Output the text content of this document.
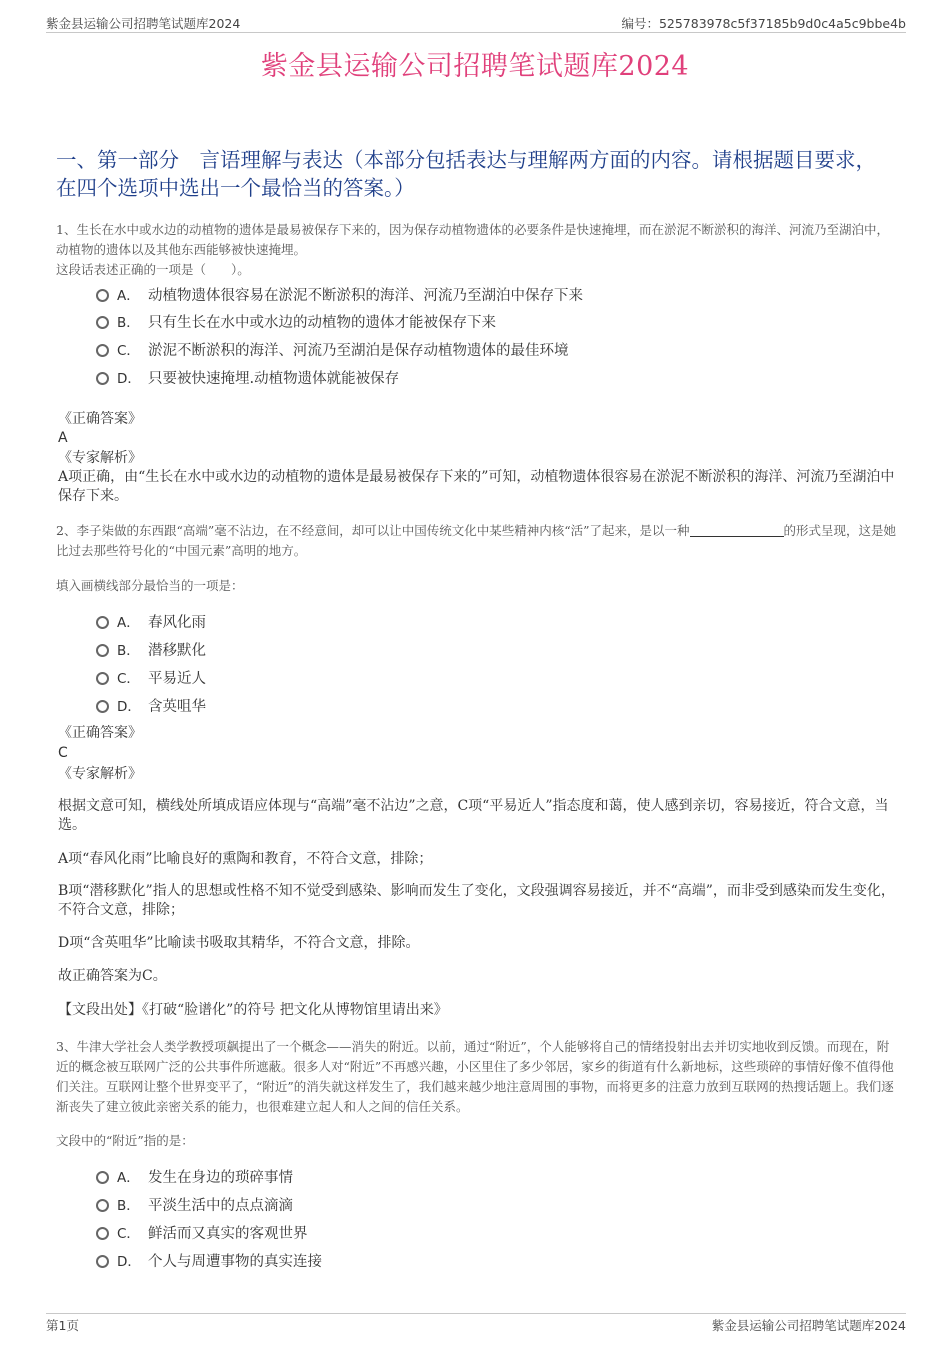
紫金县运输公司招聘笔试题库2024	编号：525783978c5f37185b9d0c4a5c9bbe4b
紫金县运输公司招聘笔试题库2024
一、第一部分　言语理解与表达（本部分包括表达与理解两方面的内容。请根据题目要求，在四个选项中选出一个最恰当的答案。）
1、生长在水中或水边的动植物的遗体是最易被保存下来的，因为保存动植物遗体的必要条件是快速掩埋，而在淤泥不断淤积的海洋、河流乃至湖泊中，动植物的遗体以及其他东西能够被快速掩埋。
这段话表述正确的一项是（　　）。
A． 动植物遗体很容易在淤泥不断淤积的海洋、河流乃至湖泊中保存下来
B． 只有生长在水中或水边的动植物的遗体才能被保存下来
C． 淤泥不断淤积的海洋、河流乃至湖泊是保存动植物遗体的最佳环境
D． 只要被快速掩埋.动植物遗体就能被保存
《正确答案》
A
《专家解析》
A项正确，由“生长在水中或水边的动植物的遗体是最易被保存下来的”可知，动植物遗体很容易在淤泥不断淤积的海洋、河流乃至湖泊中保存下来。
2、李子柒做的东西跟“高端”毫不沾边，在不经意间，却可以让中国传统文化中某些精神内核“活”了起来，是以一种	的形式呈现，这是她比过去那些符号化的“中国元素”高明的地方。
填入画横线部分最恰当的一项是：
A． 春风化雨
B． 潜移默化
C． 平易近人
D． 含英咀华
《正确答案》
C
《专家解析》
根据文意可知，横线处所填成语应体现与“高端”毫不沾边”之意，C项“平易近人”指态度和蔼，使人感到亲切，容易接近，符合文意，当选。
A项“春风化雨”比喻良好的熏陶和教育，不符合文意，排除；
B项“潜移默化”指人的思想或性格不知不觉受到感染、影响而发生了变化，文段强调容易接近，并不“高端”，而非受到感染而发生变化，不符合文意，排除；
D项“含英咀华”比喻读书吸取其精华，不符合文意，排除。
故正确答案为C。
【文段出处】《打破“脸谱化”的符号 把文化从博物馆里请出来》
3、牛津大学社会人类学教授项飙提出了一个概念——消失的附近。以前，通过“附近”，个人能够将自己的情绪投射出去并切实地收到反馈。而现在，附近的概念被互联网广泛的公共事件所遮蔽。很多人对“附近”不再感兴趣，小区里住了多少邻居，家乡的街道有什么新地标，这些琐碎的事情好像不值得他们关注。互联网让整个世界变平了，“附近”的消失就这样发生了，我们越来越少地注意周围的事物，而将更多的注意力放到互联网的热搜话题上。我们逐渐丧失了建立彼此亲密关系的能力，也很难建立起人和人之间的信任关系。
文段中的“附近”指的是：
A． 发生在身边的琐碎事情
B． 平淡生活中的点点滴滴
C． 鲜活而又真实的客观世界
D． 个人与周遭事物的真实连接
第1页	紫金县运输公司招聘笔试题库2024
